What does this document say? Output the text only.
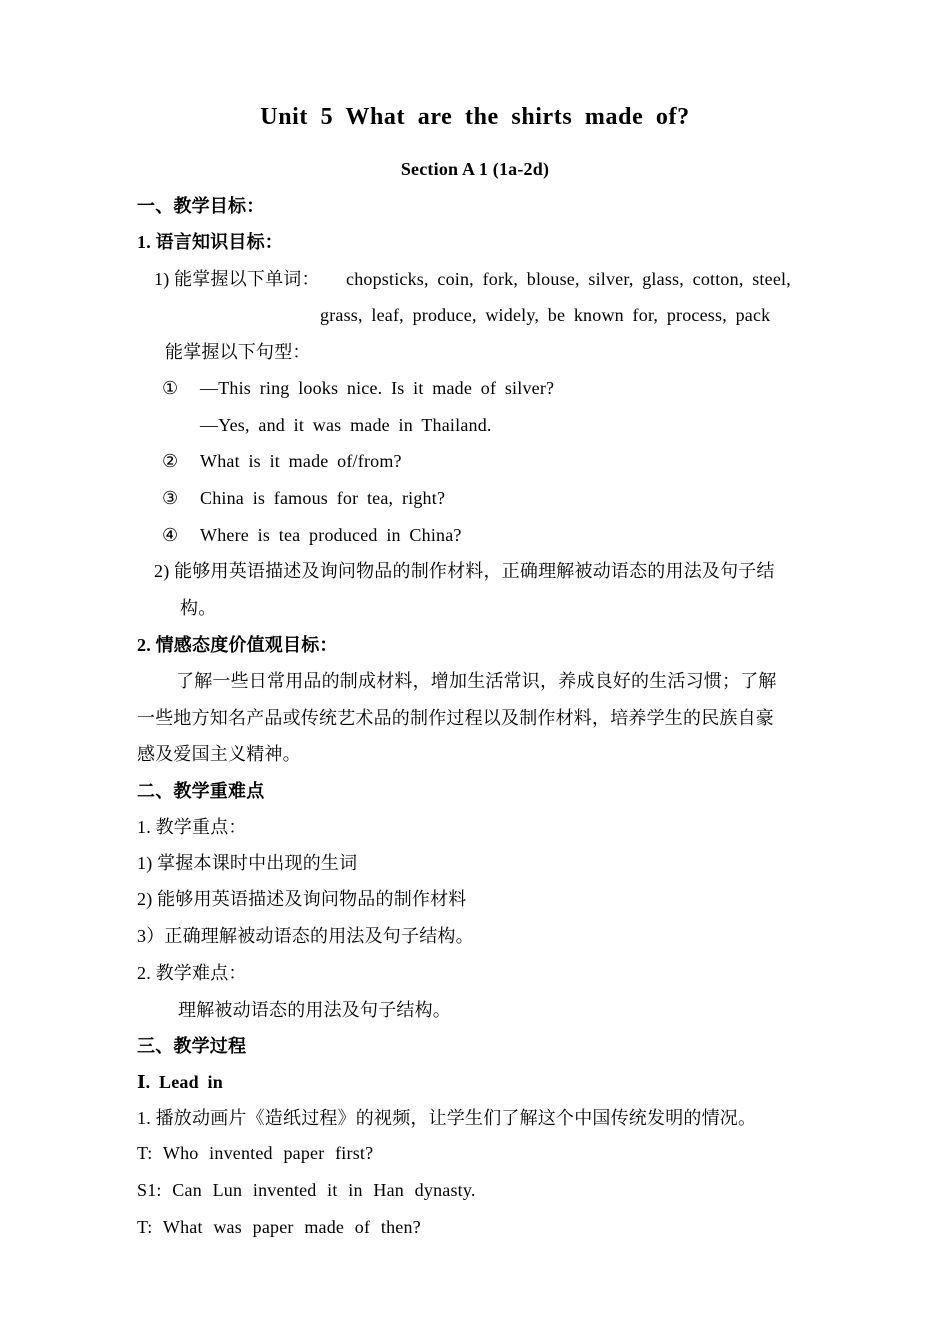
Unit 5 What are the shirts made of?
Section A 1 (1a-2d)
一、教学目标：
1. 语言知识目标：
1) 能掌握以下单词： chopsticks, coin, fork, blouse, silver, glass, cotton, steel,
grass, leaf, produce, widely, be known for, process, pack
能掌握以下句型：
① —This ring looks nice. Is it made of silver?
—Yes, and it was made in Thailand.
② What is it made of/from?
③ China is famous for tea, right?
④ Where is tea produced in China?
2) 能够用英语描述及询问物品的制作材料，正确理解被动语态的用法及句子结
构。
2. 情感态度价值观目标：
了解一些日常用品的制成材料，增加生活常识，养成良好的生活习惯；了解
一些地方知名产品或传统艺术品的制作过程以及制作材料，培养学生的民族自豪
感及爱国主义精神。
二、教学重难点
1. 教学重点：
1) 掌握本课时中出现的生词
2) 能够用英语描述及询问物品的制作材料
3）正确理解被动语态的用法及句子结构。
2. 教学难点：
理解被动语态的用法及句子结构。
三、教学过程
Ⅰ. Lead in
1. 播放动画片《造纸过程》的视频，让学生们了解这个中国传统发明的情况。
T: Who invented paper first?
S1: Can Lun invented it in Han dynasty.
T: What was paper made of then?
